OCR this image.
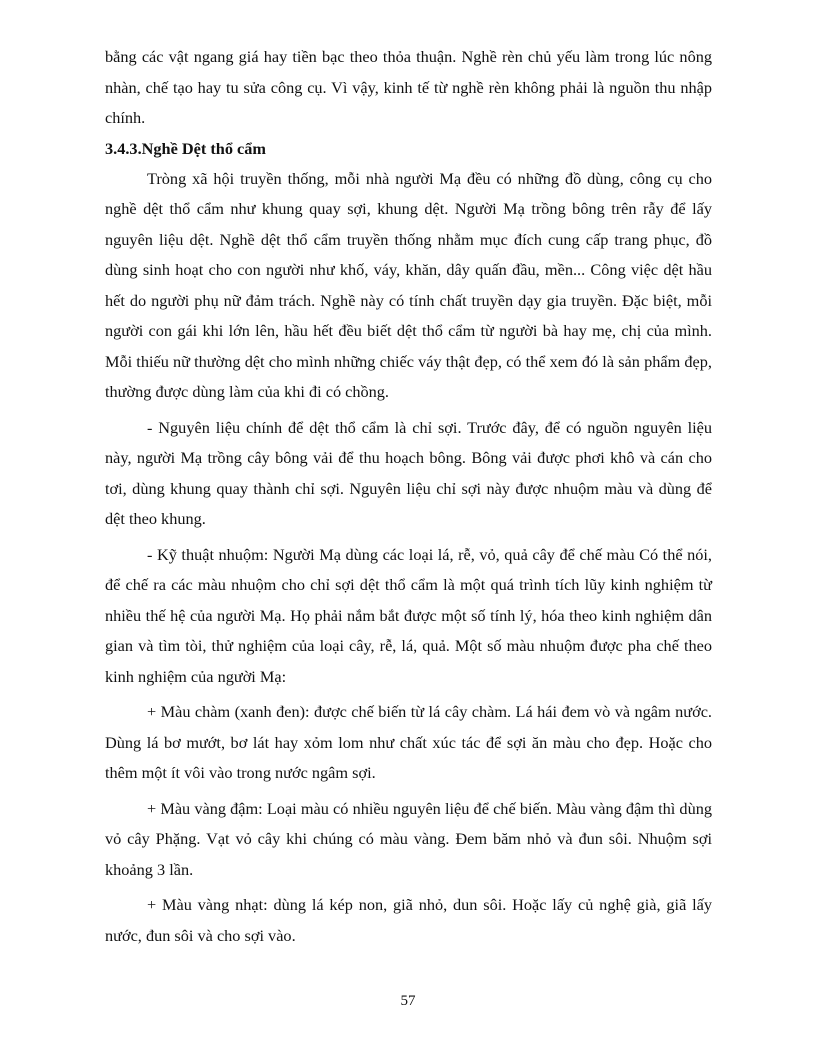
bằng các vật ngang giá hay tiền bạc theo thỏa thuận. Nghề rèn chủ yếu làm trong lúc nông nhàn, chế tạo hay tu sửa công cụ. Vì vậy, kinh tế từ nghề rèn không phải là nguồn thu nhập chính.

3.4.3.Nghề Dệt thổ cẩm

Tròng xã hội truyền thống, mỗi nhà người Mạ đều có những đồ dùng, công cụ cho nghề dệt thổ cẩm như khung quay sợi, khung dệt. Người Mạ trồng bông trên rẫy để lấy nguyên liệu dệt. Nghề dệt thổ cẩm truyền thống nhằm mục đích cung cấp trang phục, đồ dùng sinh hoạt cho con người như khố, váy, khăn, dây quấn đầu, mền... Công việc dệt hầu hết do người phụ nữ đảm trách. Nghề này có tính chất truyền dạy gia truyền. Đặc biệt, mỗi người con gái khi lớn lên, hầu hết đều biết dệt thổ cẩm từ người bà hay mẹ, chị của mình. Mỗi thiếu nữ thường dệt cho mình những chiếc váy thật đẹp, có thể xem đó là sản phẩm đẹp, thường được dùng làm của khi đi có chồng.

- Nguyên liệu chính để dệt thổ cẩm là chỉ sợi. Trước đây, để có nguồn nguyên liệu này, người Mạ trồng cây bông vải để thu hoạch bông. Bông vải được phơi khô và cán cho tơi, dùng khung quay thành chỉ sợi. Nguyên liệu chỉ sợi này được nhuộm màu và dùng để dệt theo khung.

- Kỹ thuật nhuộm: Người Mạ dùng các loại lá, rễ, vỏ, quả cây để chế màu Có thể nói, để chế ra các màu nhuộm cho chỉ sợi dệt thổ cẩm là một quá trình tích lũy kinh nghiệm từ nhiều thế hệ của người Mạ. Họ phải nắm bắt được một số tính lý, hóa theo kinh nghiệm dân gian và tìm tòi, thử nghiệm của loại cây, rễ, lá, quả. Một số màu nhuộm được pha chế theo kinh nghiệm của người Mạ:

+ Màu chàm (xanh đen): được chế biến từ lá cây chàm. Lá hái đem vò và ngâm nước. Dùng lá bơ mướt, bơ lát hay xỏm lom như chất xúc tác để sợi ăn màu cho đẹp. Hoặc cho thêm một ít vôi vào trong nước ngâm sợi.

+ Màu vàng đậm: Loại màu có nhiều nguyên liệu để chế biến. Màu vàng đậm thì dùng vỏ cây Phặng. Vạt vỏ cây khi chúng có màu vàng. Đem băm nhỏ và đun sôi. Nhuộm sợi khoảng 3 lần.

+ Màu vàng nhạt: dùng lá kép non, giã nhỏ, dun sôi. Hoặc lấy củ nghệ già, giã lấy nước, đun sôi và cho sợi vào.

57
